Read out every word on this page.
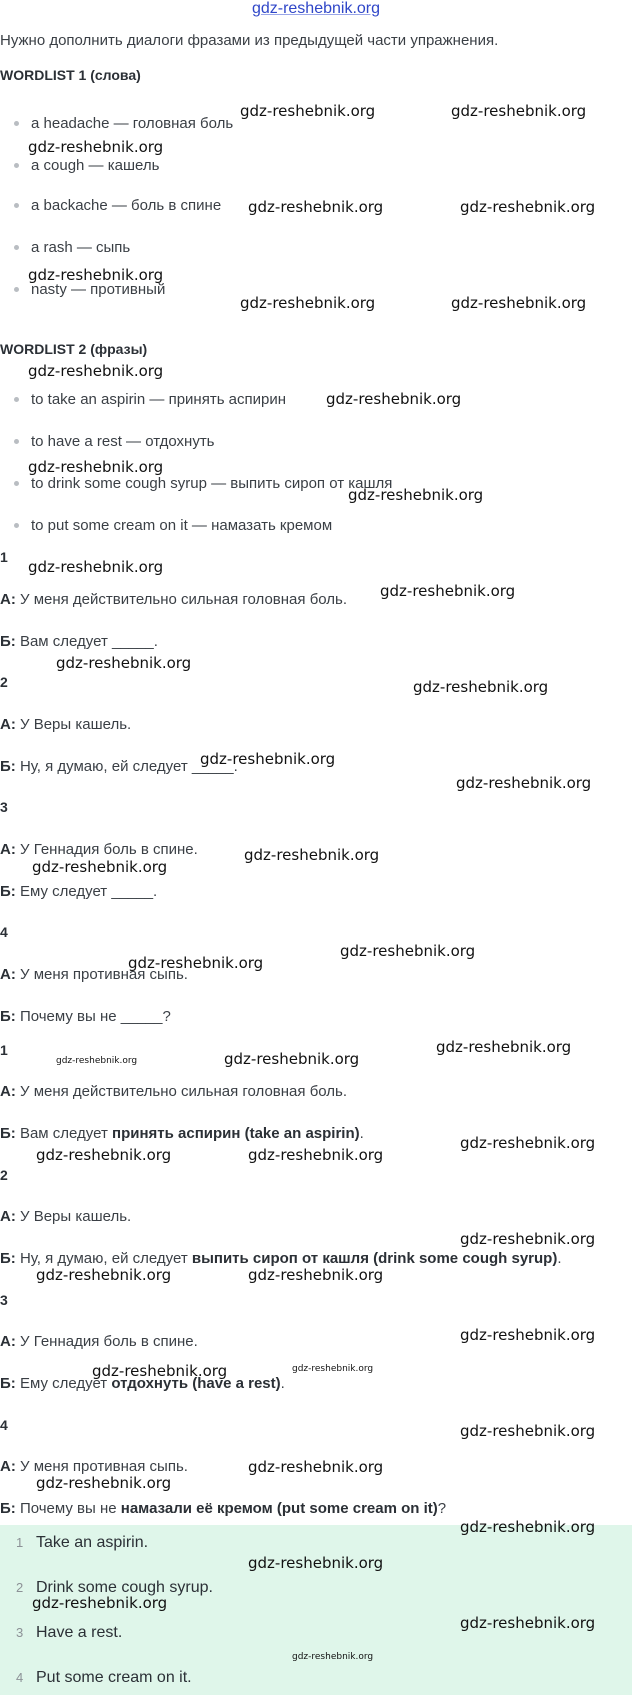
gdz-reshebnik.org
Нужно дополнить диалоги фразами из предыдущей части упражнения.
WORDLIST 1 (слова)
a headache — головная боль
a cough — кашель
a backache — боль в спине
a rash — сыпь
nasty — противный
WORDLIST 2 (фразы)
to take an aspirin — принять аспирин
to have a rest — отдохнуть
to drink some cough syrup — выпить сироп от кашля
to put some cream on it — намазать кремом
1
А: У меня действительно сильная головная боль.
Б: Вам следует _____.
2
А: У Веры кашель.
Б: Ну, я думаю, ей следует _____.
3
А: У Геннадия боль в спине.
Б: Ему следует _____.
4
А: У меня противная сыпь.
Б: Почему вы не _____?
1
А: У меня действительно сильная головная боль.
Б: Вам следует принять аспирин (take an aspirin).
2
А: У Веры кашель.
Б: Ну, я думаю, ей следует выпить сироп от кашля (drink some cough syrup).
3
А: У Геннадия боль в спине.
Б: Ему следует отдохнуть (have a rest).
4
А: У меня противная сыпь.
Б: Почему вы не намазали её кремом (put some cream on it)?
1 Take an aspirin.
2 Drink some cough syrup.
3 Have a rest.
4 Put some cream on it.
gdz-reshebnik.org	gdz-reshebnik.org
gdz-reshebnik.org
gdz-reshebnik.org	gdz-reshebnik.org
gdz-reshebnik.org
gdz-reshebnik.org	gdz-reshebnik.org
gdz-reshebnik.org
gdz-reshebnik.org
gdz-reshebnik.org
gdz-reshebnik.org
gdz-reshebnik.org
gdz-reshebnik.org
gdz-reshebnik.org
gdz-reshebnik.org
gdz-reshebnik.org
gdz-reshebnik.org
gdz-reshebnik.org
gdz-reshebnik.org
gdz-reshebnik.org
gdz-reshebnik.org
gdz-reshebnik.org
gdz-reshebnik.org	gdz-reshebnik.org
gdz-reshebnik.org
gdz-reshebnik.org	gdz-reshebnik.org
gdz-reshebnik.org
gdz-reshebnik.org	gdz-reshebnik.org
gdz-reshebnik.org
gdz-reshebnik.org
gdz-reshebnik.org
gdz-reshebnik.org
gdz-reshebnik.org
gdz-reshebnik.org
gdz-reshebnik.org
gdz-reshebnik.org
gdz-reshebnik.org
gdz-reshebnik.org
gdz-reshebnik.org
